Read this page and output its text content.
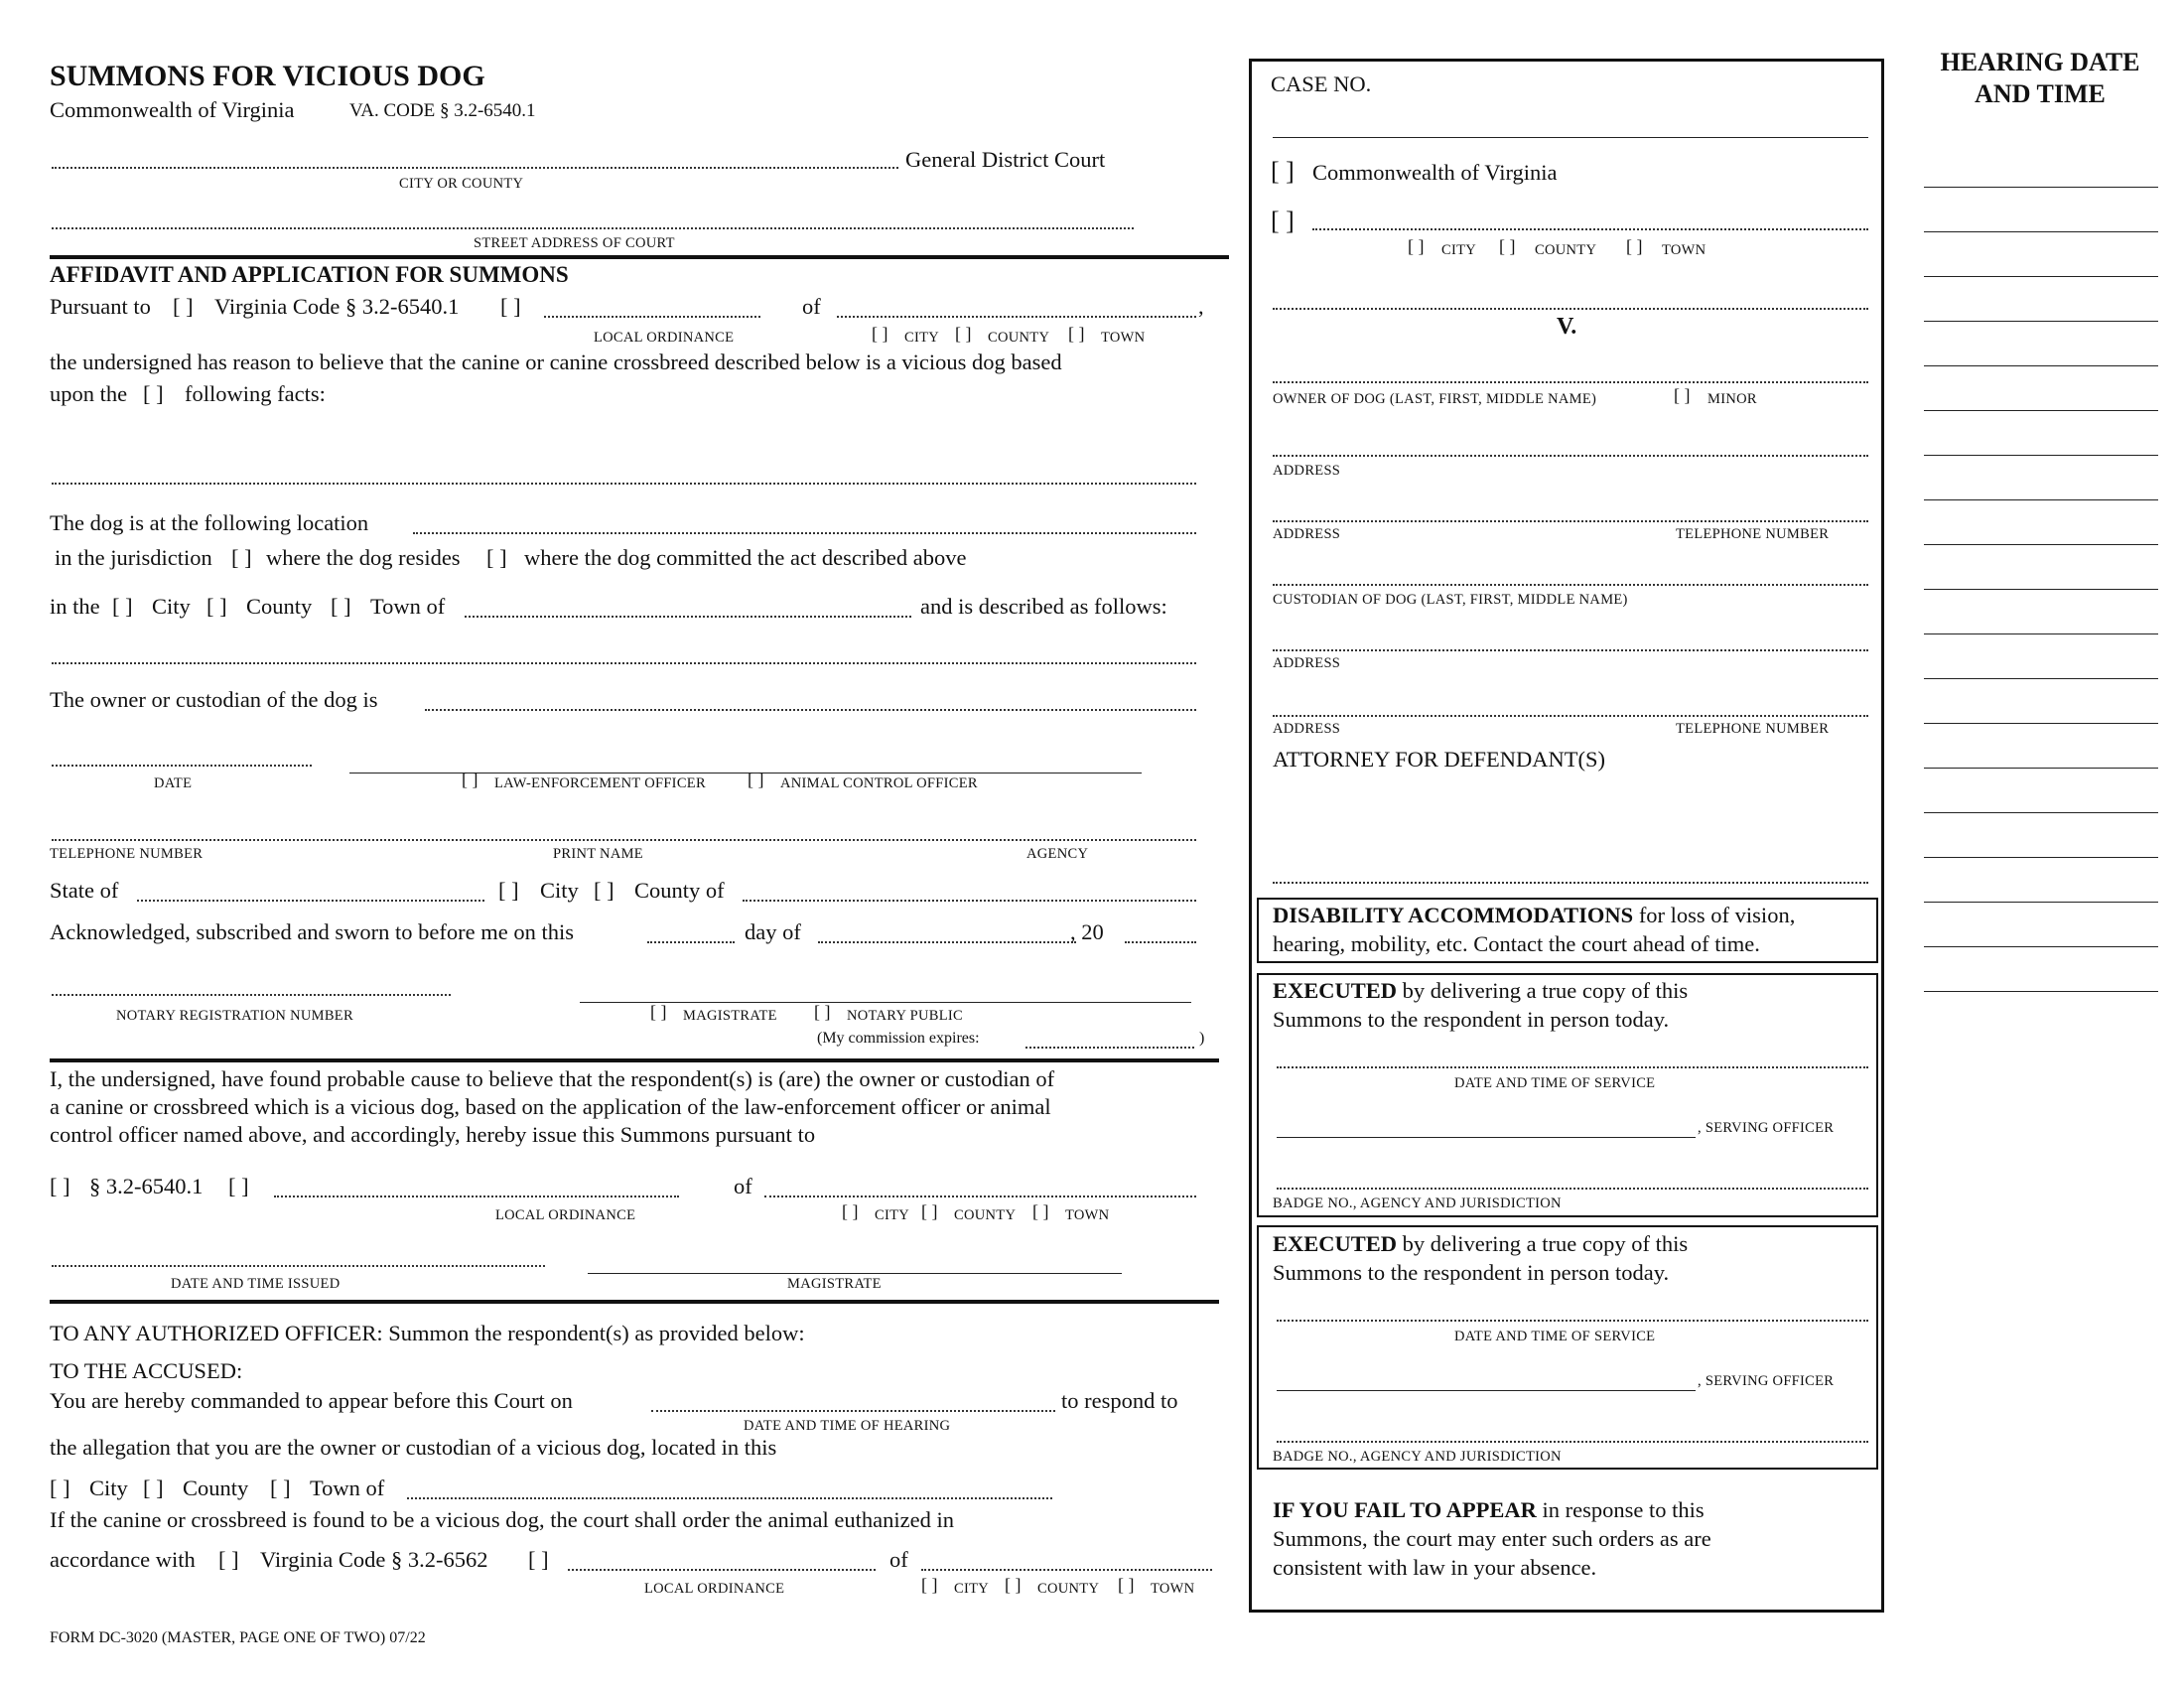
SUMMONS FOR VICIOUS DOG
Commonwealth of Virginia	VA. CODE § 3.2-6540.1
General District Court
CITY OR COUNTY
STREET ADDRESS OF COURT
AFFIDAVIT AND APPLICATION FOR SUMMONS
Pursuant to [ ] Virginia Code § 3.2-6540.1 [ ]	of	,
LOCAL ORDINANCE	[ ] CITY [ ] COUNTY [ ] TOWN
the undersigned has reason to believe that the canine or canine crossbreed described below is a vicious dog based
upon the [ ] following facts:
The dog is at the following location
in the jurisdiction [ ] where the dog resides [ ] where the dog committed the act described above
in the [ ] City [ ] County [ ] Town of	and is described as follows:
The owner or custodian of the dog is
DATE	[ ] LAW-ENFORCEMENT OFFICER [ ] ANIMAL CONTROL OFFICER
TELEPHONE NUMBER	PRINT NAME	AGENCY
State of	[ ] City [ ] County of
Acknowledged, subscribed and sworn to before me on this	day of	, 20
NOTARY REGISTRATION NUMBER	[ ] MAGISTRATE [ ] NOTARY PUBLIC
(My commission expires:	)
I, the undersigned, have found probable cause to believe that the respondent(s) is (are) the owner or custodian of
a canine or crossbreed which is a vicious dog, based on the application of the law-enforcement officer or animal
control officer named above, and accordingly, hereby issue this Summons pursuant to
[ ] § 3.2-6540.1 [ ]	of
LOCAL ORDINANCE	[ ] CITY [ ] COUNTY [ ] TOWN
DATE AND TIME ISSUED	MAGISTRATE
TO ANY AUTHORIZED OFFICER: Summon the respondent(s) as provided below:
TO THE ACCUSED:
You are hereby commanded to appear before this Court on	to respond to
DATE AND TIME OF HEARING
the allegation that you are the owner or custodian of a vicious dog, located in this
[ ] City [ ] County [ ] Town of
If the canine or crossbreed is found to be a vicious dog, the court shall order the animal euthanized in
accordance with [ ] Virginia Code § 3.2-6562 [ ]	of
LOCAL ORDINANCE	[ ] CITY [ ] COUNTY [ ] TOWN
FORM DC-3020 (MASTER, PAGE ONE OF TWO) 07/22
CASE NO.
[ ] Commonwealth of Virginia
[ ]
[ ] CITY [ ] COUNTY [ ] TOWN
V.
OWNER OF DOG (LAST, FIRST, MIDDLE NAME)	[ ] MINOR
ADDRESS
ADDRESS	TELEPHONE NUMBER
CUSTODIAN OF DOG (LAST, FIRST, MIDDLE NAME)
ADDRESS
ADDRESS	TELEPHONE NUMBER
ATTORNEY FOR DEFENDANT(S)
DISABILITY ACCOMMODATIONS for loss of vision,
hearing, mobility, etc. Contact the court ahead of time.
EXECUTED by delivering a true copy of this
Summons to the respondent in person today.
DATE AND TIME OF SERVICE
, SERVING OFFICER
BADGE NO., AGENCY AND JURISDICTION
EXECUTED by delivering a true copy of this
Summons to the respondent in person today.
DATE AND TIME OF SERVICE
, SERVING OFFICER
BADGE NO., AGENCY AND JURISDICTION
IF YOU FAIL TO APPEAR in response to this
Summons, the court may enter such orders as are
consistent with law in your absence.
HEARING DATE
AND TIME
